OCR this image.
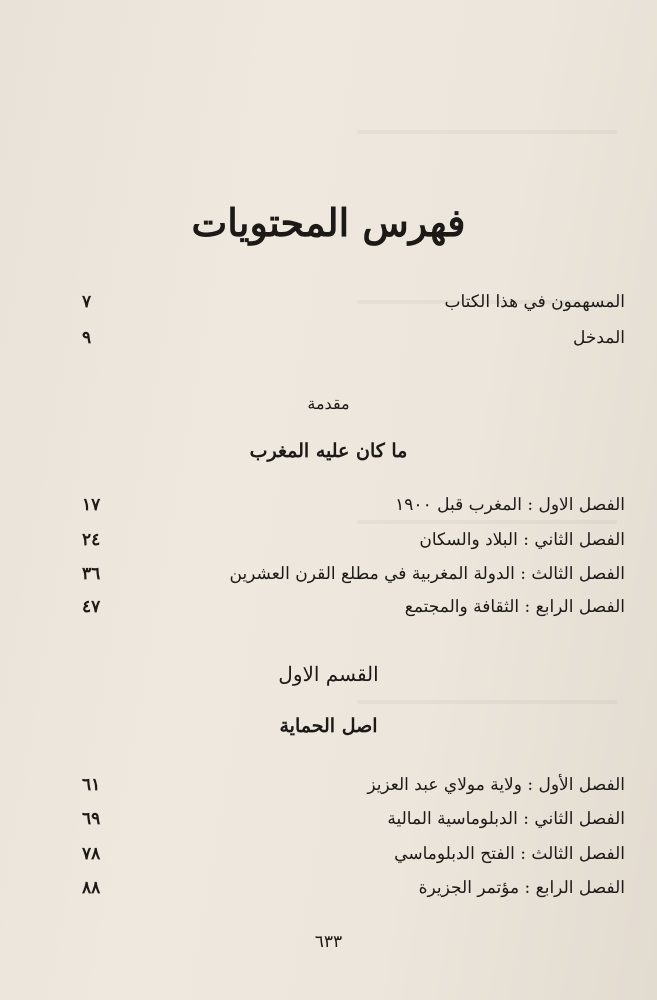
فهرس المحتويات
المسهمون في هذا الكتاب
٧
المدخل
٩
مقدمة
ما كان عليه المغرب
الفصل الاول : المغرب قبل ١٩٠٠
١٧
الفصل الثاني : البلاد والسكان
٢٤
الفصل الثالث : الدولة المغربية في مطلع القرن العشرين
٣٦
الفصل الرابع : الثقافة والمجتمع
٤٧
القسم الاول
اصل الحماية
الفصل الأول : ولاية مولاي عبد العزيز
٦١
الفصل الثاني : الدبلوماسية المالية
٦٩
الفصل الثالث : الفتح الدبلوماسي
٧٨
الفصل الرابع : مؤتمر الجزيرة
٨٨
٦٣٣
